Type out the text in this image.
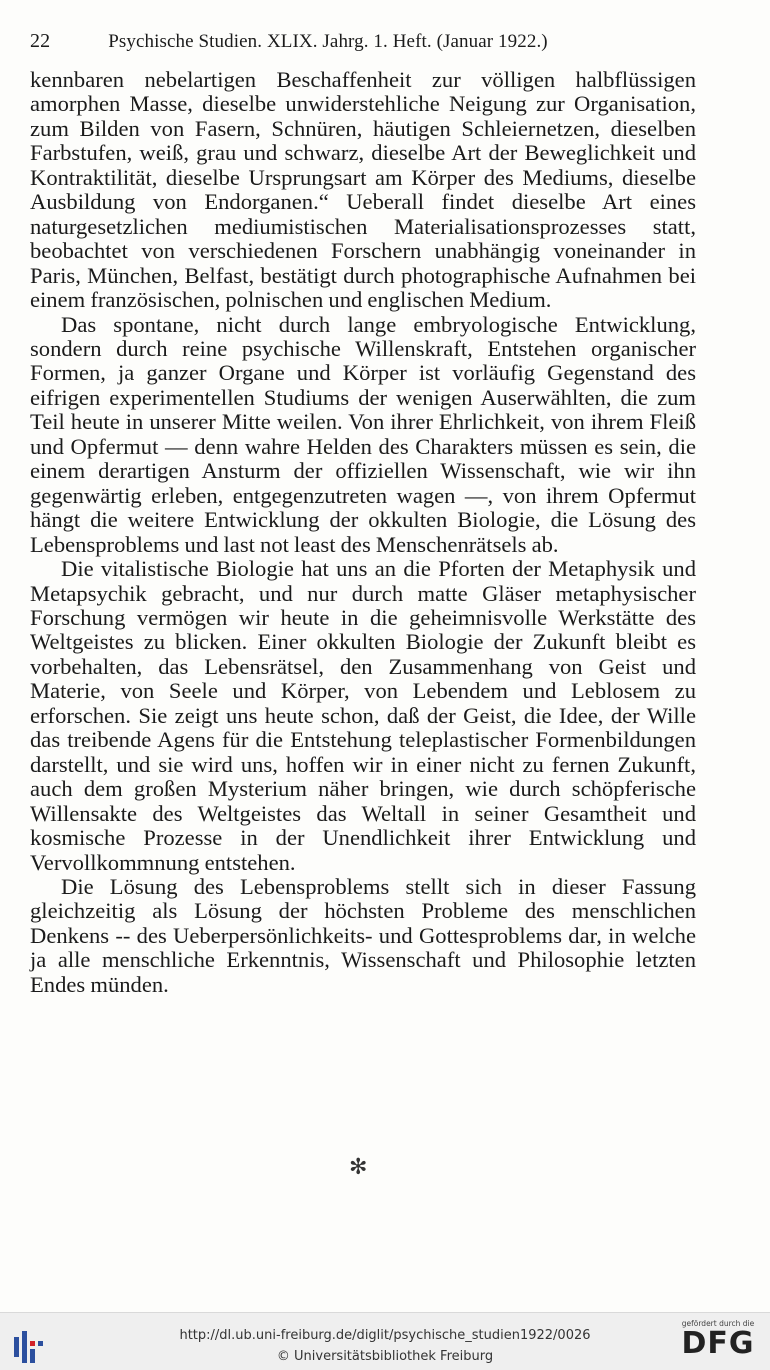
22	Psychische Studien. XLIX. Jahrg. 1. Heft. (Januar 1922.)

kennbaren nebelartigen Beschaffenheit zur völligen halbflüssigen amorphen Masse, dieselbe unwiderstehliche Neigung zur Organisation, zum Bilden von Fasern, Schnüren, häutigen Schleiernetzen, dieselben Farbstufen, weiß, grau und schwarz, dieselbe Art der Beweglichkeit und Kontraktilität, dieselbe Ursprungsart am Körper des Mediums, dieselbe Ausbildung von Endorganen.“ Ueberall findet dieselbe Art eines naturgesetzlichen mediumistischen Materialisationsprozesses statt, beobachtet von verschiedenen Forschern unabhängig voneinander in Paris, München, Belfast, bestätigt durch photographische Aufnahmen bei einem französischen, polnischen und englischen Medium.

Das spontane, nicht durch lange embryologische Entwicklung, sondern durch reine psychische Willenskraft, Entstehen organischer Formen, ja ganzer Organe und Körper ist vorläufig Gegenstand des eifrigen experimentellen Studiums der wenigen Auserwählten, die zum Teil heute in unserer Mitte weilen. Von ihrer Ehrlichkeit, von ihrem Fleiß und Opfermut — denn wahre Helden des Charakters müssen es sein, die einem derartigen Ansturm der offiziellen Wissenschaft, wie wir ihn gegenwärtig erleben, entgegenzutreten wagen —, von ihrem Opfermut hängt die weitere Entwicklung der okkulten Biologie, die Lösung des Lebensproblems und last not least des Menschenrätsels ab.

Die vitalistische Biologie hat uns an die Pforten der Metaphysik und Metapsychik gebracht, und nur durch matte Gläser metaphysischer Forschung vermögen wir heute in die geheimnisvolle Werkstätte des Weltgeistes zu blicken. Einer okkulten Biologie der Zukunft bleibt es vorbehalten, das Lebensrätsel, den Zusammenhang von Geist und Materie, von Seele und Körper, von Lebendem und Leblosem zu erforschen. Sie zeigt uns heute schon, daß der Geist, die Idee, der Wille das treibende Agens für die Entstehung teleplastischer Formenbildungen darstellt, und sie wird uns, hoffen wir in einer nicht zu fernen Zukunft, auch dem großen Mysterium näher bringen, wie durch schöpferische Willensakte des Weltgeistes das Weltall in seiner Gesamtheit und kosmische Prozesse in der Unendlichkeit ihrer Entwicklung und Vervollkommnung entstehen.

Die Lösung des Lebensproblems stellt sich in dieser Fassung gleichzeitig als Lösung der höchsten Probleme des menschlichen Denkens -- des Ueberpersönlichkeits- und Gottesproblems dar, in welche ja alle menschliche Erkenntnis, Wissenschaft und Philosophie letzten Endes münden.

✻
http://dl.ub.uni-freiburg.de/diglit/psychische_studien1922/0026
© Universitätsbibliothek Freiburg
gefördert durch die
DFG
